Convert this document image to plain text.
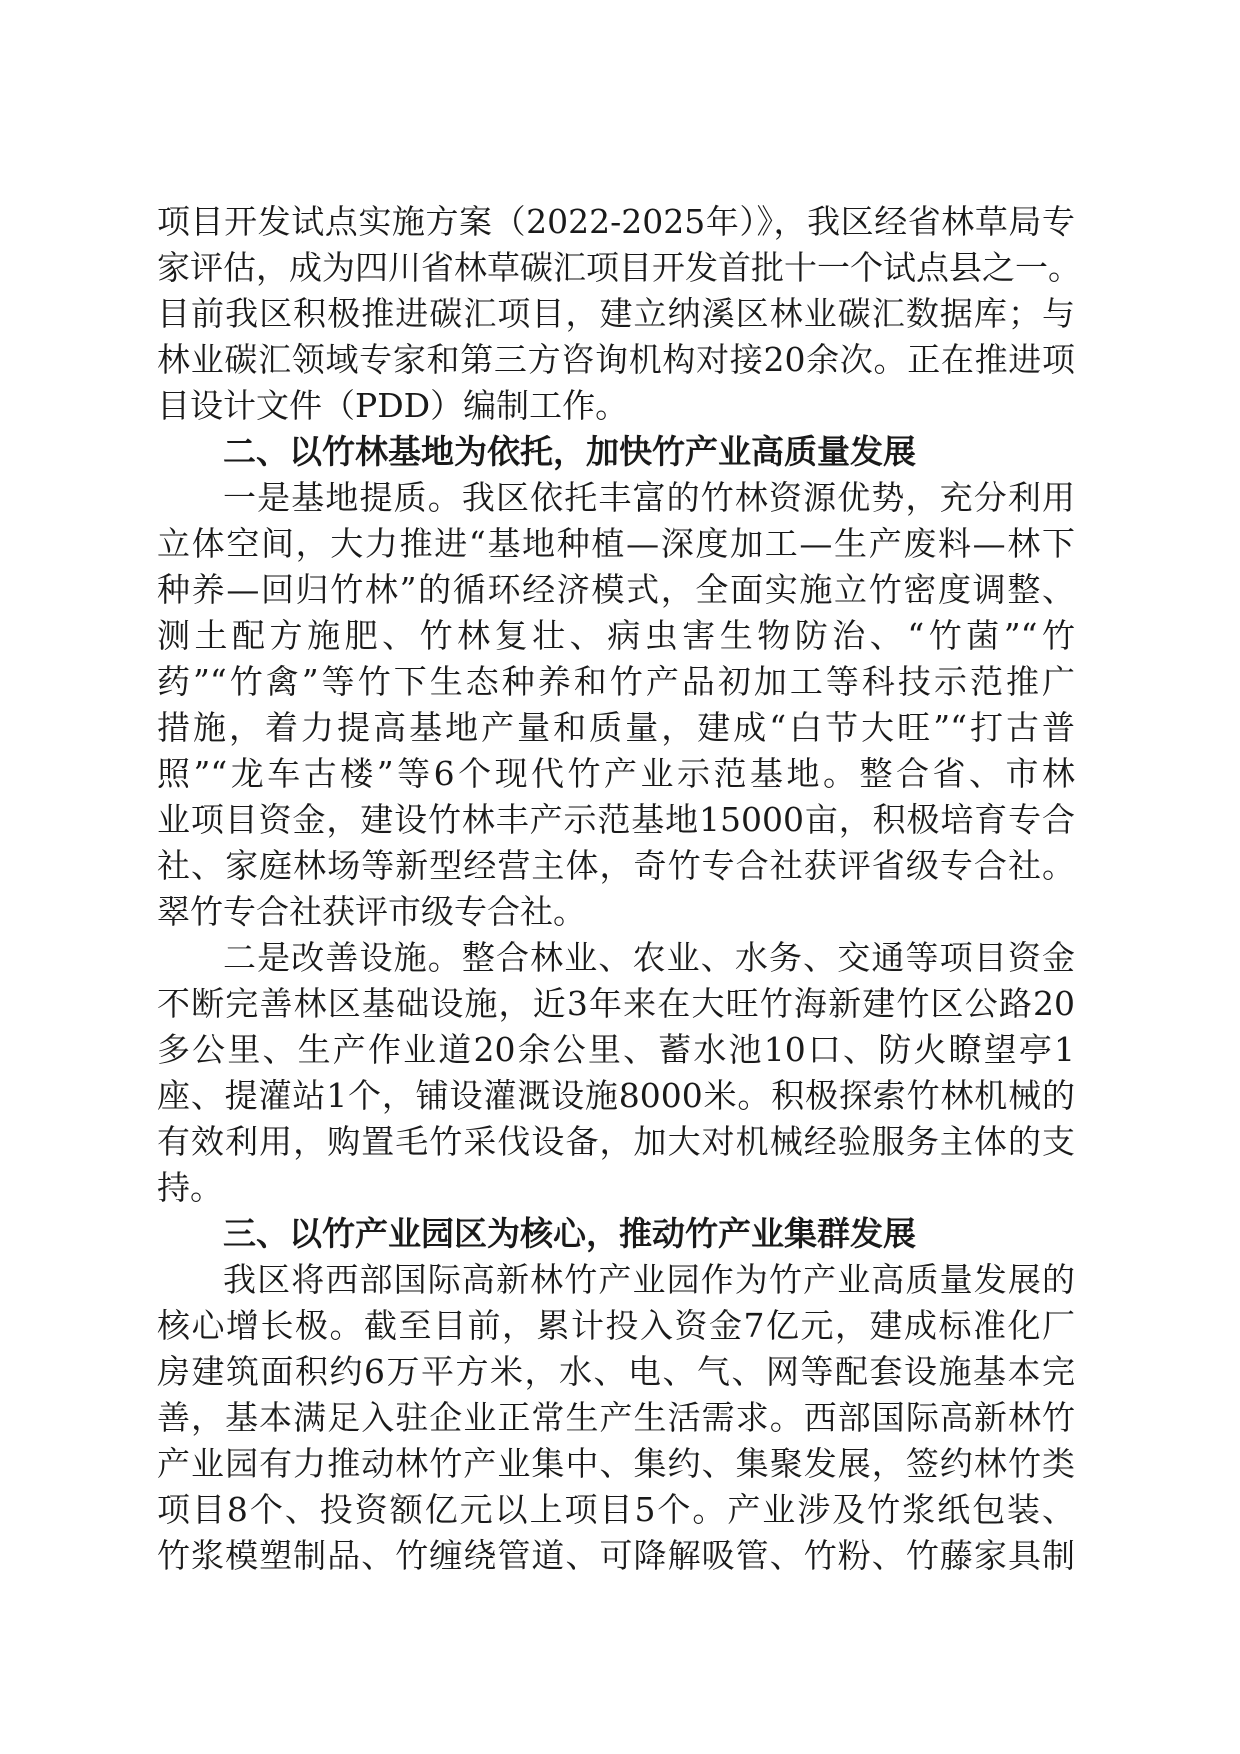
项目开发试点实施方案（2022-2025年）》，我区经省林草局专
家评估，成为四川省林草碳汇项目开发首批十一个试点县之一。
目前我区积极推进碳汇项目，建立纳溪区林业碳汇数据库；与
林业碳汇领域专家和第三方咨询机构对接20余次。正在推进项
目设计文件（PDD）编制工作。
二、以竹林基地为依托，加快竹产业高质量发展
一是基地提质。我区依托丰富的竹林资源优势，充分利用
立体空间，大力推进“基地种植—深度加工—生产废料—林下
种养—回归竹林”的循环经济模式，全面实施立竹密度调整、
测土配方施肥、竹林复壮、病虫害生物防治、“竹菌”“竹
药”“竹禽”等竹下生态种养和竹产品初加工等科技示范推广
措施，着力提高基地产量和质量，建成“白节大旺”“打古普
照”“龙车古楼”等6个现代竹产业示范基地。整合省、市林
业项目资金，建设竹林丰产示范基地15000亩，积极培育专合
社、家庭林场等新型经营主体，奇竹专合社获评省级专合社。
翠竹专合社获评市级专合社。
二是改善设施。整合林业、农业、水务、交通等项目资金
不断完善林区基础设施，近3年来在大旺竹海新建竹区公路20
多公里、生产作业道20余公里、蓄水池10口、防火瞭望亭1
座、提灌站1个，铺设灌溉设施8000米。积极探索竹林机械的
有效利用，购置毛竹采伐设备，加大对机械经验服务主体的支
持。
三、以竹产业园区为核心，推动竹产业集群发展
我区将西部国际高新林竹产业园作为竹产业高质量发展的
核心增长极。截至目前，累计投入资金7亿元，建成标准化厂
房建筑面积约6万平方米，水、电、气、网等配套设施基本完
善，基本满足入驻企业正常生产生活需求。西部国际高新林竹
产业园有力推动林竹产业集中、集约、集聚发展，签约林竹类
项目8个、投资额亿元以上项目5个。产业涉及竹浆纸包装、
竹浆模塑制品、竹缠绕管道、可降解吸管、竹粉、竹藤家具制
